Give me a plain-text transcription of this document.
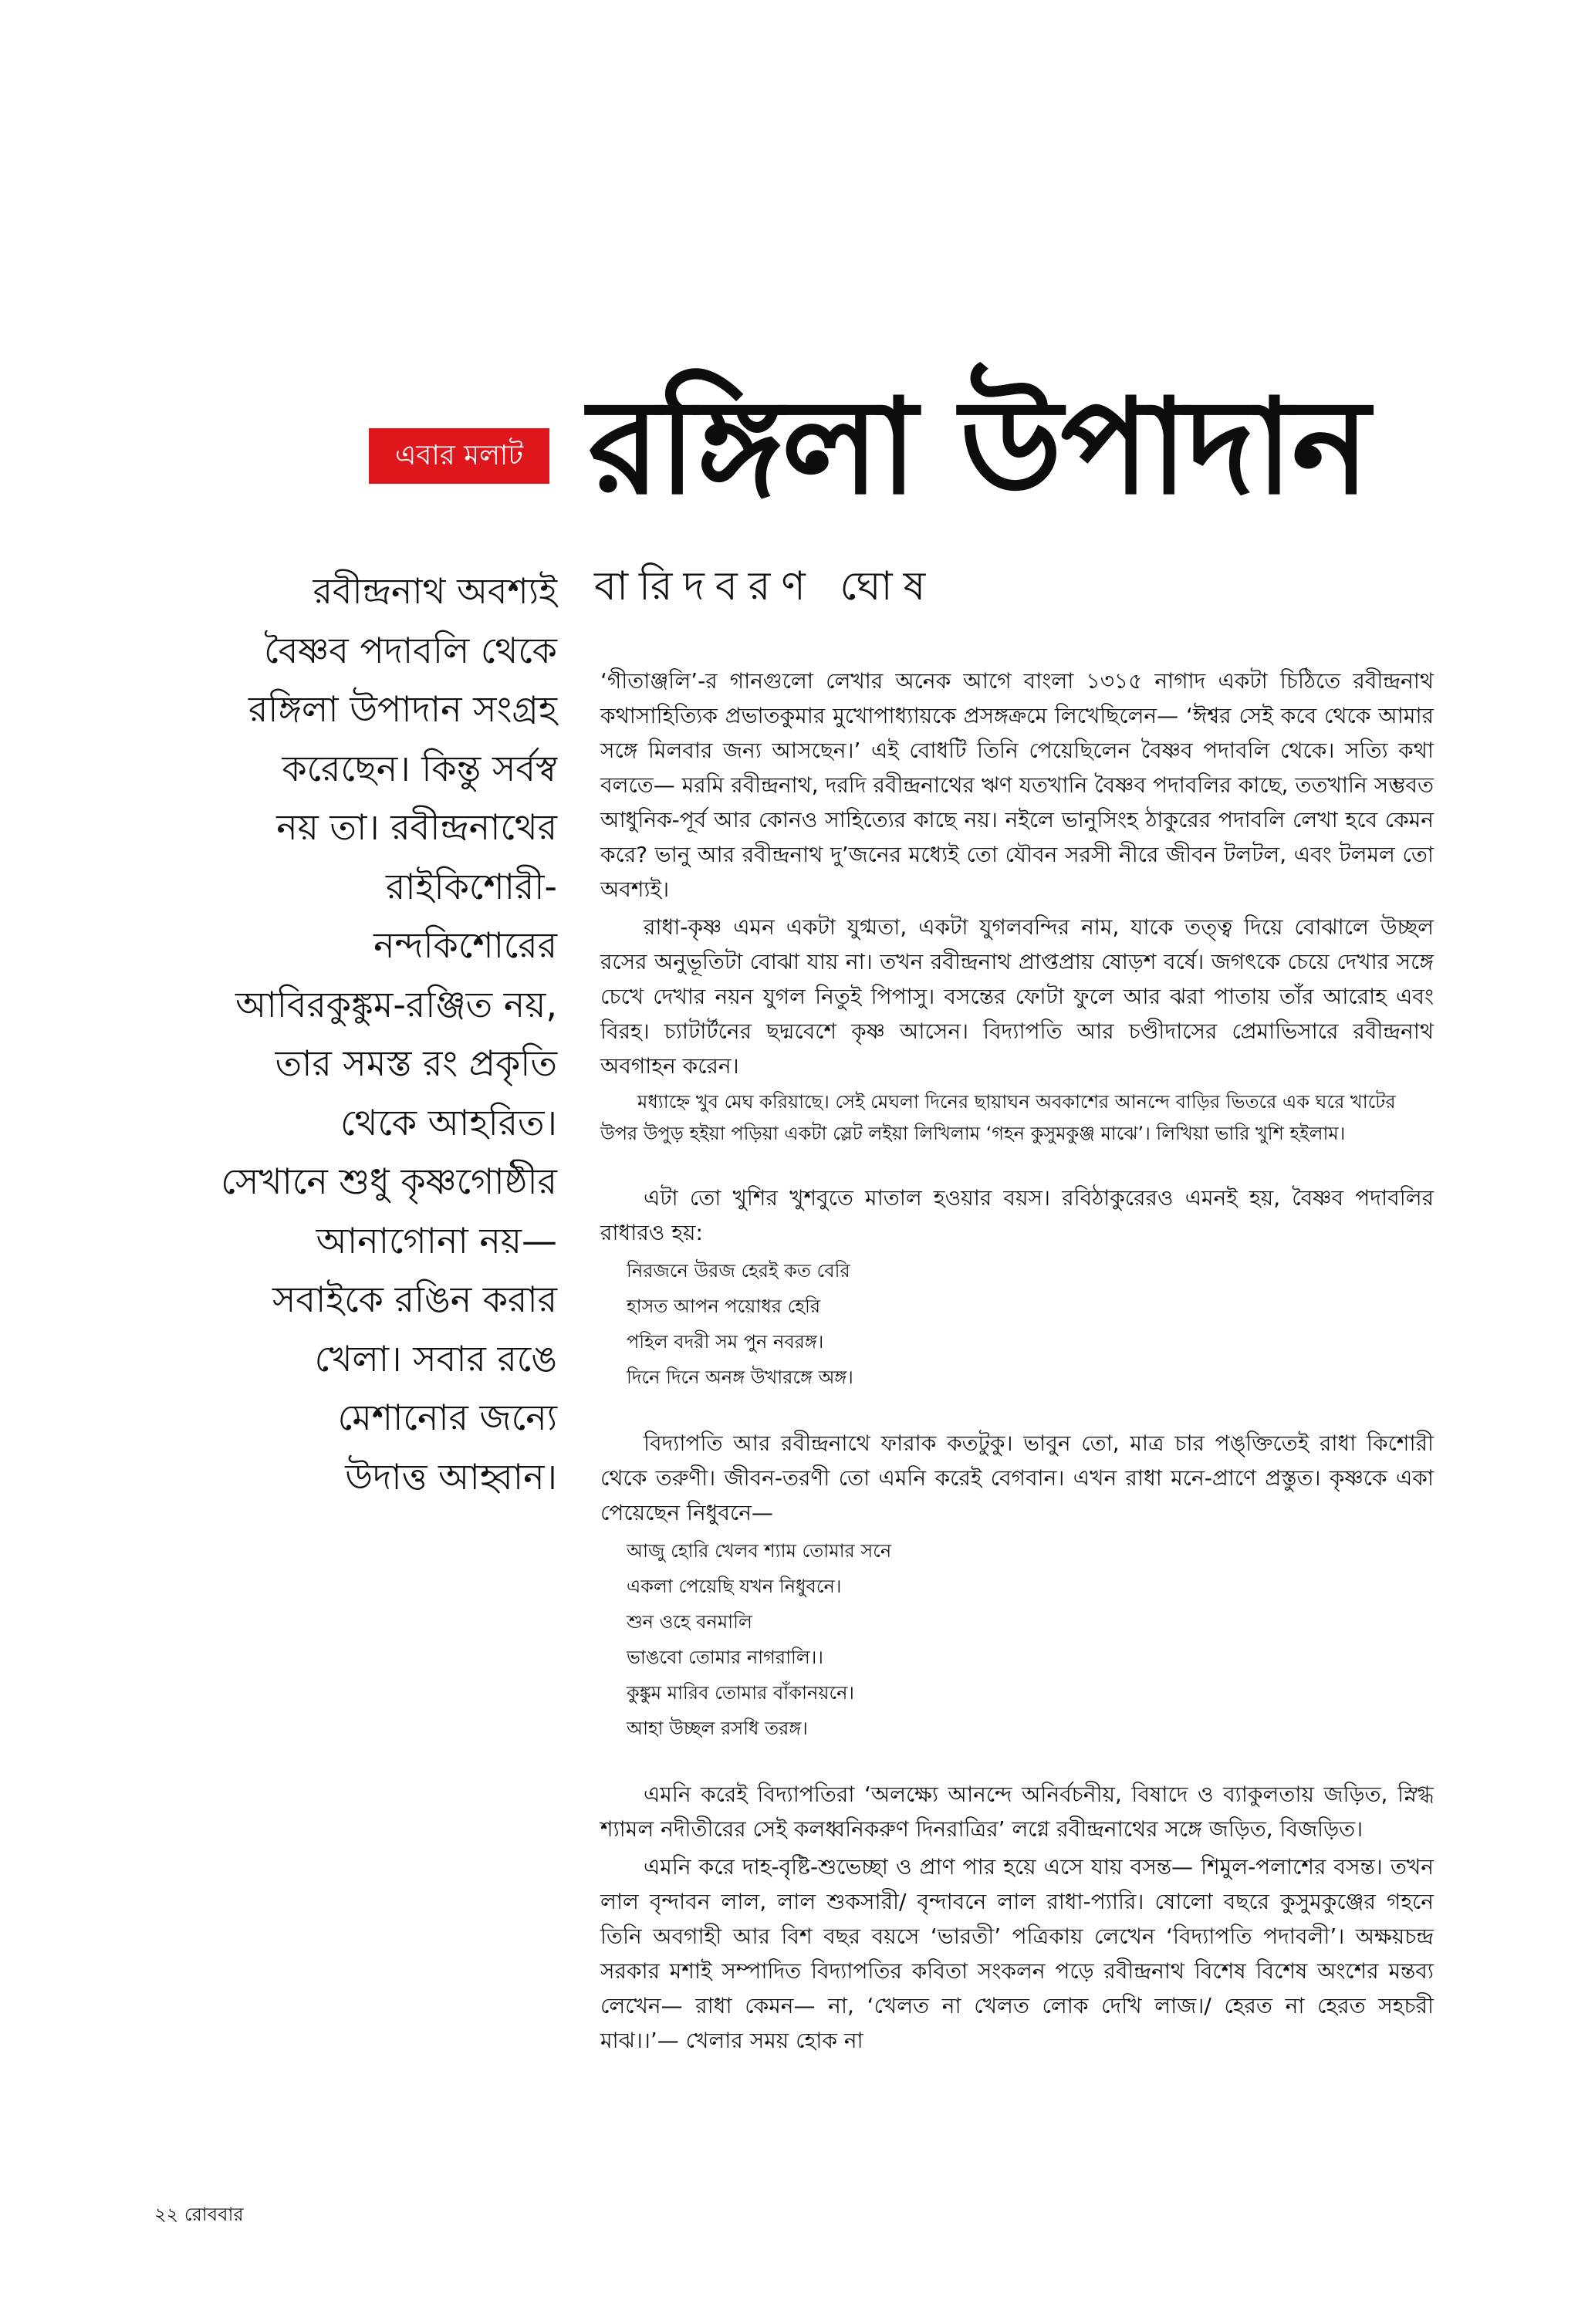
এবার মলাট রঙ্গিলা উপাদান
বারিদবরণ ঘোষ
রবীন্দ্রনাথ অবশ্যই
বৈষ্ণব পদাবলি থেকে
রঙ্গিলা উপাদান সংগ্রহ
করেছেন। কিন্তু সর্বস্ব
নয় তা। রবীন্দ্রনাথের
রাইকিশোরী-
নন্দকিশোরের
আবিরকুঙ্কুম-রঞ্জিত নয়,
তার সমস্ত রং প্রকৃতি
থেকে আহরিত।
সেখানে শুধু কৃষ্ণগোষ্ঠীর
আনাগোনা নয়—
সবাইকে রঙিন করার
খেলা। সবার রঙে
মেশানোর জন্যে
উদাত্ত আহ্বান।

‘গীতাঞ্জলি’-র গানগুলো লেখার অনেক আগে বাংলা ১৩১৫ নাগাদ একটা চিঠিতে রবীন্দ্রনাথ কথাসাহিত্যিক প্রভাতকুমার মুখোপাধ্যায়কে প্রসঙ্গক্রমে লিখেছিলেন— ‘ঈশ্বর সেই কবে থেকে আমার সঙ্গে মিলবার জন্য আসছেন।’ এই বোধটি তিনি পেয়েছিলেন বৈষ্ণব পদাবলি থেকে। সত্যি কথা বলতে— মরমি রবীন্দ্রনাথ, দরদি রবীন্দ্রনাথের ঋণ যতখানি বৈষ্ণব পদাবলির কাছে, ততখানি সম্ভবত আধুনিক-পূর্ব আর কোনও সাহিত্যের কাছে নয়। নইলে ভানুসিংহ ঠাকুরের পদাবলি লেখা হবে কেমন করে? ভানু আর রবীন্দ্রনাথ দু’জনের মধ্যেই তো যৌবন সরসী নীরে জীবন টলটল, এবং টলমল তো অবশ্যই।

রাধা-কৃষ্ণ এমন একটা যুগ্মতা, একটা যুগলবন্দির নাম, যাকে তত্ত্ব দিয়ে বোঝালে উচ্ছল রসের অনুভূতিটা বোঝা যায় না। তখন রবীন্দ্রনাথ প্রাপ্তপ্রায় ষোড়শ বর্ষে। জগৎকে চেয়ে দেখার সঙ্গে চেখে দেখার নয়ন যুগল নিতুই পিপাসু। বসন্তের ফোটা ফুলে আর ঝরা পাতায় তাঁর আরোহ এবং বিরহ। চ্যাটার্টনের ছদ্মবেশে কৃষ্ণ আসেন। বিদ্যাপতি আর চণ্ডীদাসের প্রেমাভিসারে রবীন্দ্রনাথ অবগাহন করেন।

মধ্যাহ্নে খুব মেঘ করিয়াছে। সেই মেঘলা দিনের ছায়াঘন অবকাশের আনন্দে বাড়ির ভিতরে এক ঘরে খাটের উপর উপুড় হইয়া পড়িয়া একটা স্লেট লইয়া লিখিলাম ‘গহন কুসুমকুঞ্জ মাঝে’। লিখিয়া ভারি খুশি হইলাম।

এটা তো খুশির খুশবুতে মাতাল হওয়ার বয়স। রবিঠাকুরেরও এমনই হয়, বৈষ্ণব পদাবলির রাধারও হয়:

নিরজনে উরজ হেরই কত বেরি
হাসত আপন পয়োধর হেরি
পহিল বদরী সম পুন নবরঙ্গ।
দিনে দিনে অনঙ্গ উখারঙ্গে অঙ্গ।

বিদ্যাপতি আর রবীন্দ্রনাথে ফারাক কতটুকু। ভাবুন তো, মাত্র চার পঙ্‌ক্তিতেই রাধা কিশোরী থেকে তরুণী। জীবন-তরণী তো এমনি করেই বেগবান। এখন রাধা মনে-প্রাণে প্রস্তুত। কৃষ্ণকে একা পেয়েছেন নিধুবনে—

আজু হোরি খেলব শ্যাম তোমার সনে
একলা পেয়েছি যখন নিধুবনে।
শুন ওহে বনমালি
ভাঙবো তোমার নাগরালি।।
কুঙ্কুম মারিব তোমার বাঁকানয়নে।
আহা উচ্ছল রসধি তরঙ্গ।

এমনি করেই বিদ্যাপতিরা ‘অলক্ষ্যে আনন্দে অনির্বচনীয়, বিষাদে ও ব্যাকুলতায় জড়িত, স্নিগ্ধ শ্যামল নদীতীরের সেই কলধ্বনিকরুণ দিনরাত্রির’ লগ্নে রবীন্দ্রনাথের সঙ্গে জড়িত, বিজড়িত।

এমনি করে দাহ-বৃষ্টি-শুভেচ্ছা ও প্রাণ পার হয়ে এসে যায় বসন্ত— শিমুল-পলাশের বসন্ত। তখন লাল বৃন্দাবন লাল, লাল শুকসারী/ বৃন্দাবনে লাল রাধা-প্যারি। ষোলো বছরে কুসুমকুঞ্জের গহনে তিনি অবগাহী আর বিশ বছর বয়সে ‘ভারতী’ পত্রিকায় লেখেন ‘বিদ্যাপতি পদাবলী’। অক্ষয়চন্দ্র সরকার মশাই সম্পাদিত বিদ্যাপতির কবিতা সংকলন পড়ে রবীন্দ্রনাথ বিশেষ বিশেষ অংশের মন্তব্য লেখেন— রাধা কেমন— না, ‘খেলত না খেলত লোক দেখি লাজ।/ হেরত না হেরত সহচরী মাঝ।।’— খেলার সময় হোক না

২২ রোববার
